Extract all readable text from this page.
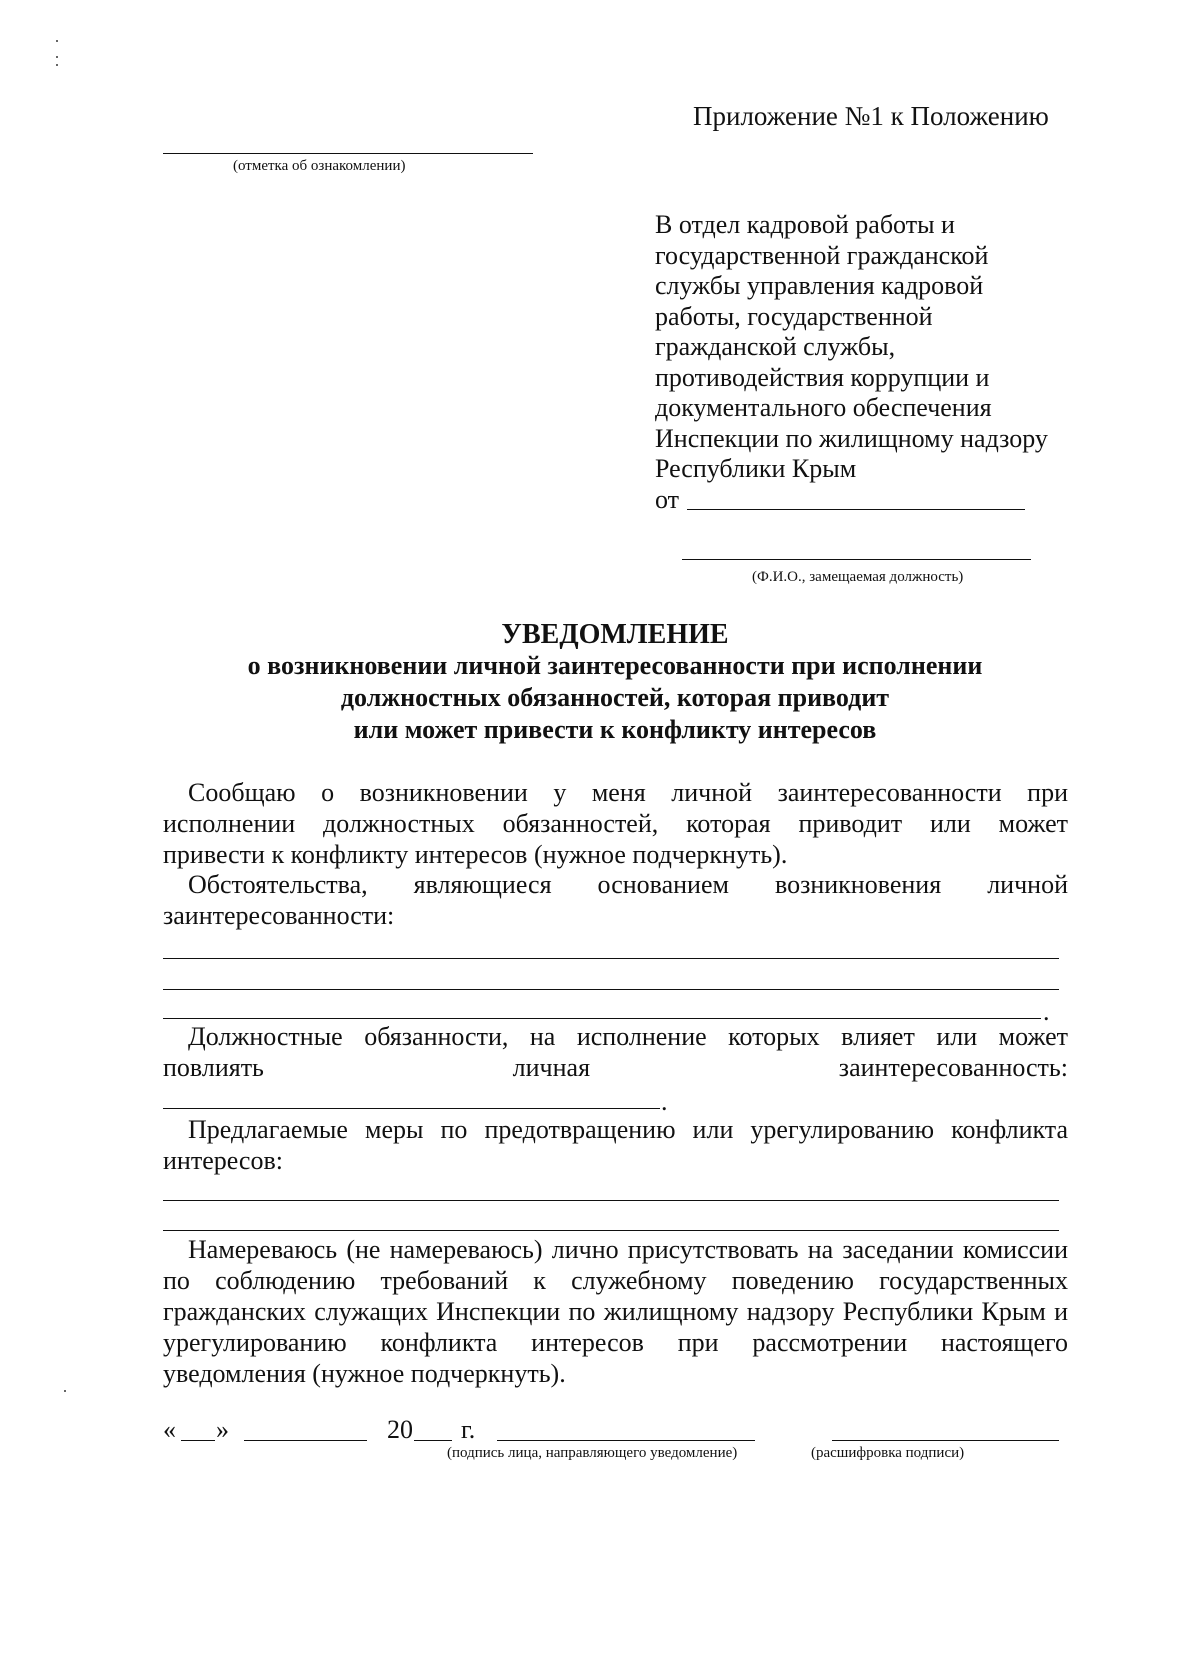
Приложение №1 к Положению
(отметка об ознакомлении)
В отдел кадровой работы и
государственной гражданской
службы управления кадровой
работы, государственной
гражданской службы,
противодействия коррупции и
документального обеспечения
Инспекции по жилищному надзору
Республики Крым
от
(Ф.И.О., замещаемая должность)
УВЕДОМЛЕНИЕ
о возникновении личной заинтересованности при исполнении
должностных обязанностей, которая приводит
или может привести к конфликту интересов
Сообщаю о возникновении у меня личной заинтересованности при
исполнении должностных обязанностей, которая приводит или может
привести к конфликту интересов (нужное подчеркнуть).
Обстоятельства, являющиеся основанием возникновения личной
заинтересованности:
.
Должностные обязанности, на исполнение которых влияет или может
повлиять личная заинтересованность:
.
Предлагаемые меры по предотвращению или урегулированию конфликта
интересов:
Намереваюсь (не намереваюсь) лично присутствовать на заседании комиссии
по соблюдению требований к служебному поведению государственных
гражданских служащих Инспекции по жилищному надзору Республики Крым и
урегулированию конфликта интересов при рассмотрении настоящего
уведомления (нужное подчеркнуть).
« »	20 г.
(подпись лица, направляющего уведомление)	(расшифровка подписи)
